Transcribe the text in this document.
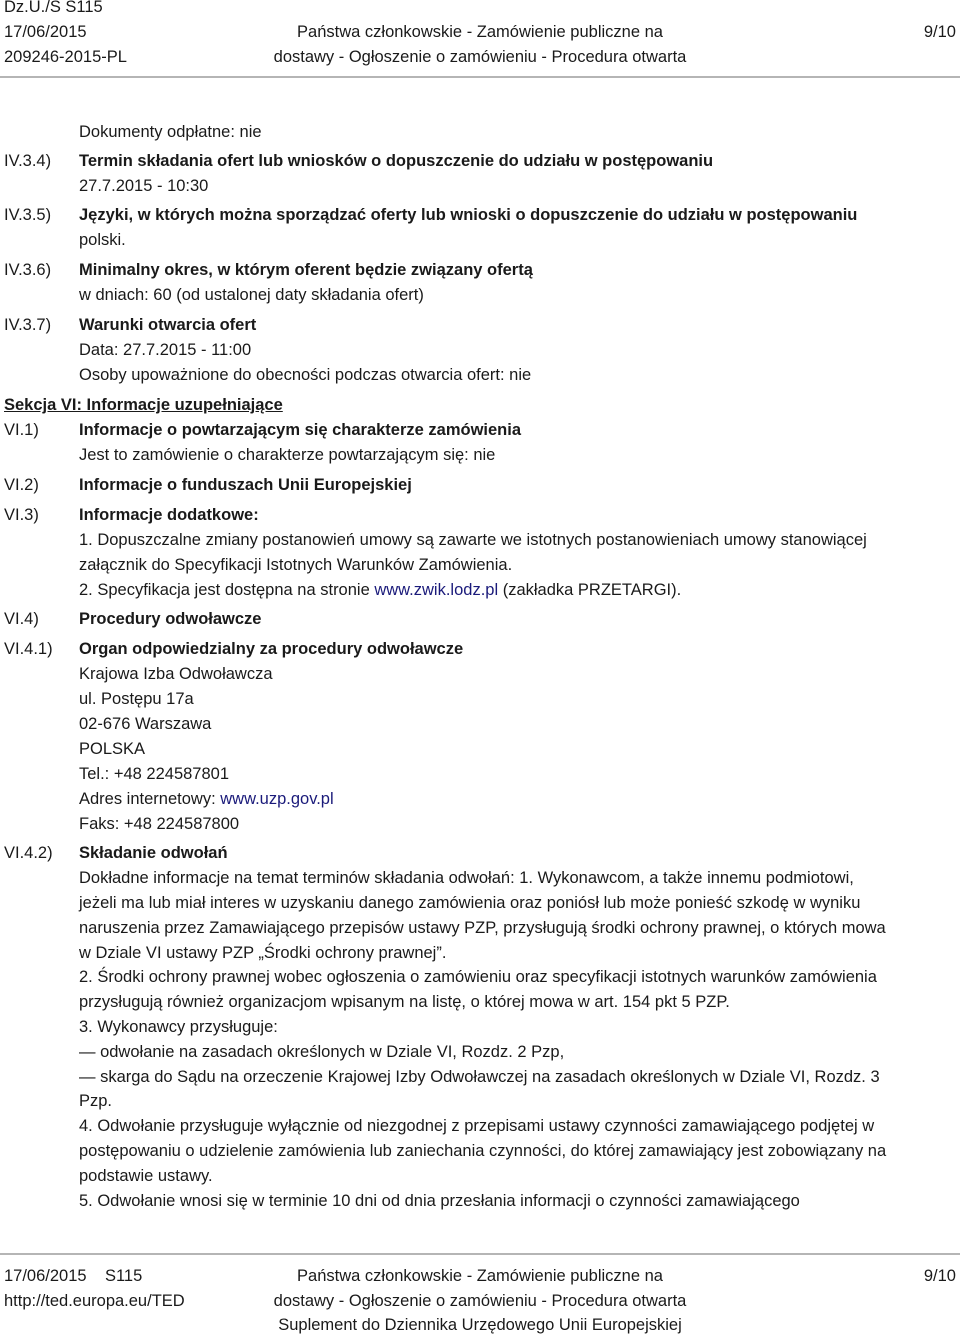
Dz.U./S S115
17/06/2015
209246-2015-PL
Państwa członkowskie - Zamówienie publiczne na
dostawy - Ogłoszenie o zamówieniu - Procedura otwarta
9/10
IV.3.4)
Dokumenty odpłatne: nie
IV.3.5)
Termin składania ofert lub wniosków o dopuszczenie do udziału w postępowaniu
27.7.2015 - 10:30
IV.3.6)
Języki, w których można sporządzać oferty lub wnioski o dopuszczenie do udziału w postępowaniu
polski.
IV.3.7)
Minimalny okres, w którym oferent będzie związany ofertą
w dniach: 60 (od ustalonej daty składania ofert)
Warunki otwarcia ofert
Data: 27.7.2015 - 11:00
Osoby upoważnione do obecności podczas otwarcia ofert: nie
Sekcja VI: Informacje uzupełniające
VI.1) Informacje o powtarzającym się charakterze zamówienia
Jest to zamówienie o charakterze powtarzającym się: nie
VI.2) Informacje o funduszach Unii Europejskiej
VI.3) Informacje dodatkowe:
1. Dopuszczalne zmiany postanowień umowy są zawarte we istotnych postanowieniach umowy stanowiącej
załącznik do Specyfikacji Istotnych Warunków Zamówienia.
2. Specyfikacja jest dostępna na stronie www.zwik.lodz.pl (zakładka PRZETARGI).
VI.4) Procedury odwoławcze
VI.4.1) Organ odpowiedzialny za procedury odwoławcze
Krajowa Izba Odwoławcza
ul. Postępu 17a
02-676 Warszawa
POLSKA
Tel.: +48 224587801
Adres internetowy: www.uzp.gov.pl
Faks: +48 224587800
VI.4.2) Składanie odwołań
Dokładne informacje na temat terminów składania odwołań: 1. Wykonawcom, a także innemu podmiotowi,
jeżeli ma lub miał interes w uzyskaniu danego zamówienia oraz poniósł lub może ponieść szkodę w wyniku
naruszenia przez Zamawiającego przepisów ustawy PZP, przysługują środki ochrony prawnej, o których mowa
w Dziale VI ustawy PZP „Środki ochrony prawnej”.
2. Środki ochrony prawnej wobec ogłoszenia o zamówieniu oraz specyfikacji istotnych warunków zamówienia
przysługują również organizacjom wpisanym na listę, o której mowa w art. 154 pkt 5 PZP.
3. Wykonawcy przysługuje:
— odwołanie na zasadach określonych w Dziale VI, Rozdz. 2 Pzp,
— skarga do Sądu na orzeczenie Krajowej Izby Odwoławczej na zasadach określonych w Dziale VI, Rozdz. 3
Pzp.
4. Odwołanie przysługuje wyłącznie od niezgodnej z przepisami ustawy czynności zamawiającego podjętej w
postępowaniu o udzielenie zamówienia lub zaniechania czynności, do której zamawiający jest zobowiązany na
podstawie ustawy.
5. Odwołanie wnosi się w terminie 10 dni od dnia przesłania informacji o czynności zamawiającego
17/06/2015 S115
http://ted.europa.eu/TED
Państwa członkowskie - Zamówienie publiczne na
dostawy - Ogłoszenie o zamówieniu - Procedura otwarta
Suplement do Dziennika Urzędowego Unii Europejskiej
9/10
